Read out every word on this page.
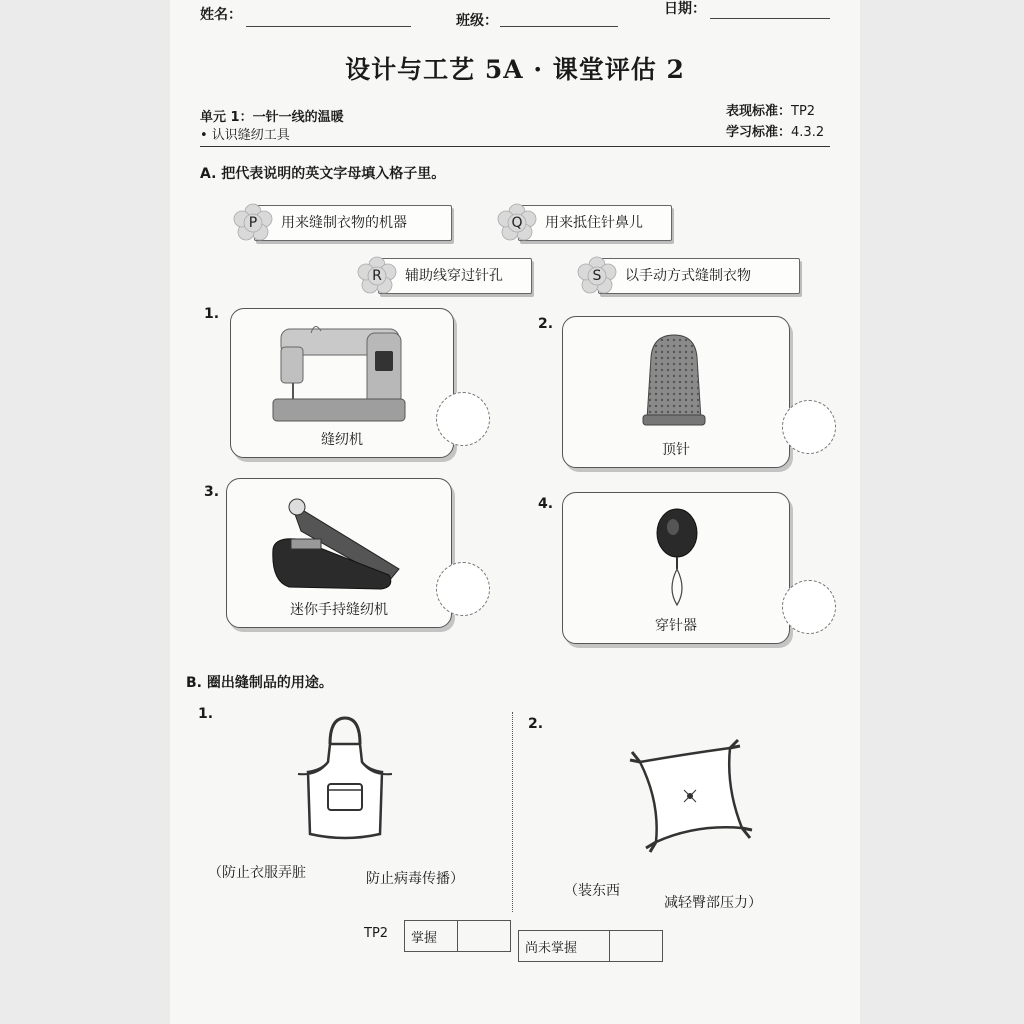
姓名：	班级：
日期：
设计与工艺 5A · 课堂评估 2
单元 1：一针一线的温暖
• 认识缝纫工具
表现标准：TP2
学习标准：4.3.2
A. 把代表说明的英文字母填入格子里。
P	用来缝制衣物的机器	Q	用来抵住针鼻儿
R	辅助线穿过针孔	S	以手动方式缝制衣物
1.
缝纫机
2.
顶针
3.
迷你手持缝纫机
4.
穿针器
B. 圈出缝制品的用途。
1.
（防止衣服弄脏	防止病毒传播）
2.
（装东西
减轻臀部压力）
TP2 掌握	
尚未掌握	
